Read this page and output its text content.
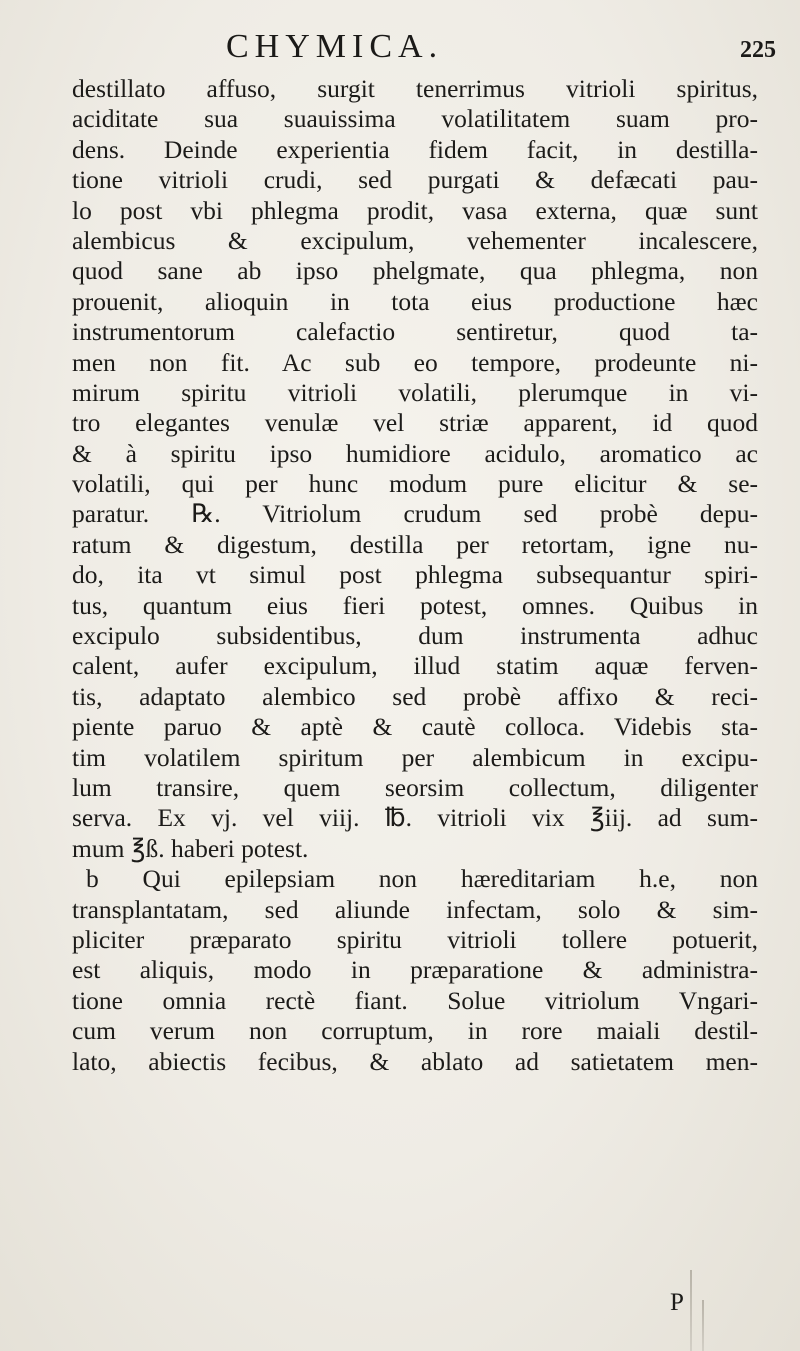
CHYMICA.	225
destillato affuso, surgit tenerrimus vitrioli spiritus,
aciditate sua suauissima volatilitatem suam pro-
dens. Deinde experientia fidem facit, in destilla-
tione vitrioli crudi, sed purgati & defæcati pau-
lo post vbi phlegma prodit, vasa externa, quæ sunt
alembicus & excipulum, vehementer incalescere,
quod sane ab ipso phelgmate, qua phlegma, non
prouenit, alioquin in tota eius productione hæc
instrumentorum calefactio sentiretur, quod ta-
men non fit. Ac sub eo tempore, prodeunte ni-
mirum spiritu vitrioli volatili, plerumque in vi-
tro elegantes venulæ vel striæ apparent, id quod
& à spiritu ipso humidiore acidulo, aromatico ac
volatili, qui per hunc modum pure elicitur & se-
paratur. ℞. Vitriolum crudum sed probè depu-
ratum & digestum, destilla per retortam, igne nu-
do, ita vt simul post phlegma subsequantur spiri-
tus, quantum eius fieri potest, omnes. Quibus in
excipulo subsidentibus, dum instrumenta adhuc
calent, aufer excipulum, illud statim aquæ ferven-
tis, adaptato alembico sed probè affixo & reci-
piente paruo & aptè & cautè colloca. Videbis sta-
tim volatilem spiritum per alembicum in excipu-
lum transire, quem seorsim collectum, diligenter
serva. Ex vj. vel viij. ℔. vitrioli vix ℥iij. ad sum-
mum ℥ß. haberi potest.
b Qui epilepsiam non hæreditariam h.e, non
transplantatam, sed aliunde infectam, solo & sim-
pliciter præparato spiritu vitrioli tollere potuerit,
est aliquis, modo in præparatione & administra-
tione omnia rectè fiant. Solue vitriolum Vngari-
cum verum non corruptum, in rore maiali destil-
lato, abiectis fecibus, & ablato ad satietatem men-
P
